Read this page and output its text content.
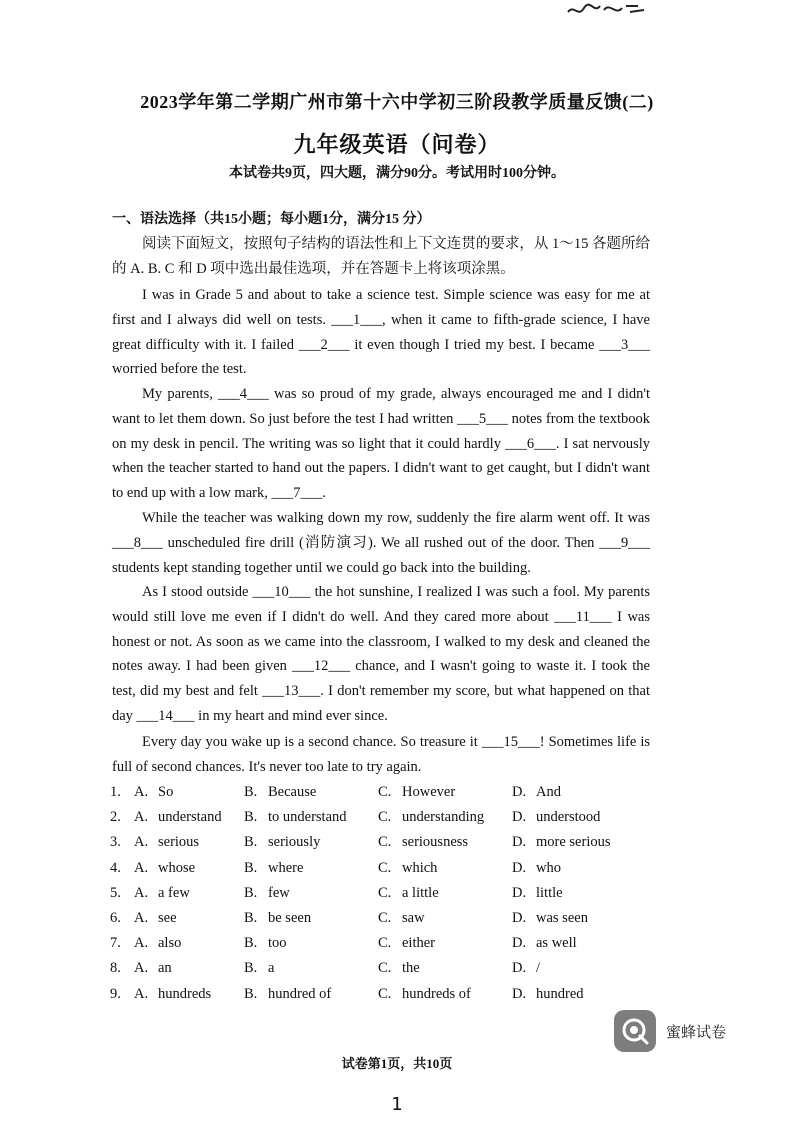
2023学年第二学期广州市第十六中学初三阶段教学质量反馈(二)
九年级英语（问卷）
本试卷共9页，四大题，满分90分。考试用时100分钟。
一、语法选择（共15小题；每小题1分，满分15 分）

阅读下面短文，按照句子结构的语法性和上下文连贯的要求，从 1～15 各题所给的 A. B. C 和 D 项中选出最佳选项，并在答题卡上将该项涂黑。

I was in Grade 5 and about to take a science test. Simple science was easy for me at first and I always did well on tests. ___1___, when it came to fifth-grade science, I have great difficulty with it. I failed ___2___ it even though I tried my best. I became ___3___ worried before the test.

My parents, ___4___ was so proud of my grade, always encouraged me and I didn't want to let them down. So just before the test I had written ___5___ notes from the textbook on my desk in pencil. The writing was so light that it could hardly ___6___. I sat nervously when the teacher started to hand out the papers. I didn't want to get caught, but I didn't want to end up with a low mark, ___7___.

While the teacher was walking down my row, suddenly the fire alarm went off. It was ___8___ unscheduled fire drill (消防演习). We all rushed out of the door. Then ___9___ students kept standing together until we could go back into the building.

As I stood outside ___10___ the hot sunshine, I realized I was such a fool. My parents would still love me even if I didn't do well. And they cared more about ___11___ I was honest or not. As soon as we came into the classroom, I walked to my desk and cleaned the notes away. I had been given ___12___ chance, and I wasn't going to waste it. I took the test, did my best and felt ___13___. I don't remember my score, but what happened on that day ___14___ in my heart and mind ever since.

Every day you wake up is a second chance. So treasure it ___15___! Sometimes life is full of second chances. It's never too late to try again.

1. A. So	B. Because	C. However	D. And
2. A. understand B. to understand C. understanding D. understood
3. A. serious	B. seriously	C. seriousness	D. more serious
4. A. whose	B. where	C. which	D. who
5. A. a few	B. few	C. a little	D. little
6. A. see	B. be seen	C. saw	D. was seen
7. A. also	B. too	C. either	D. as well
8. A. an	B. a	C. the	D. /
9. A. hundreds B. hundred of	C. hundreds of	D. hundred
蜜蜂试卷
试卷第1页，共10页
1
